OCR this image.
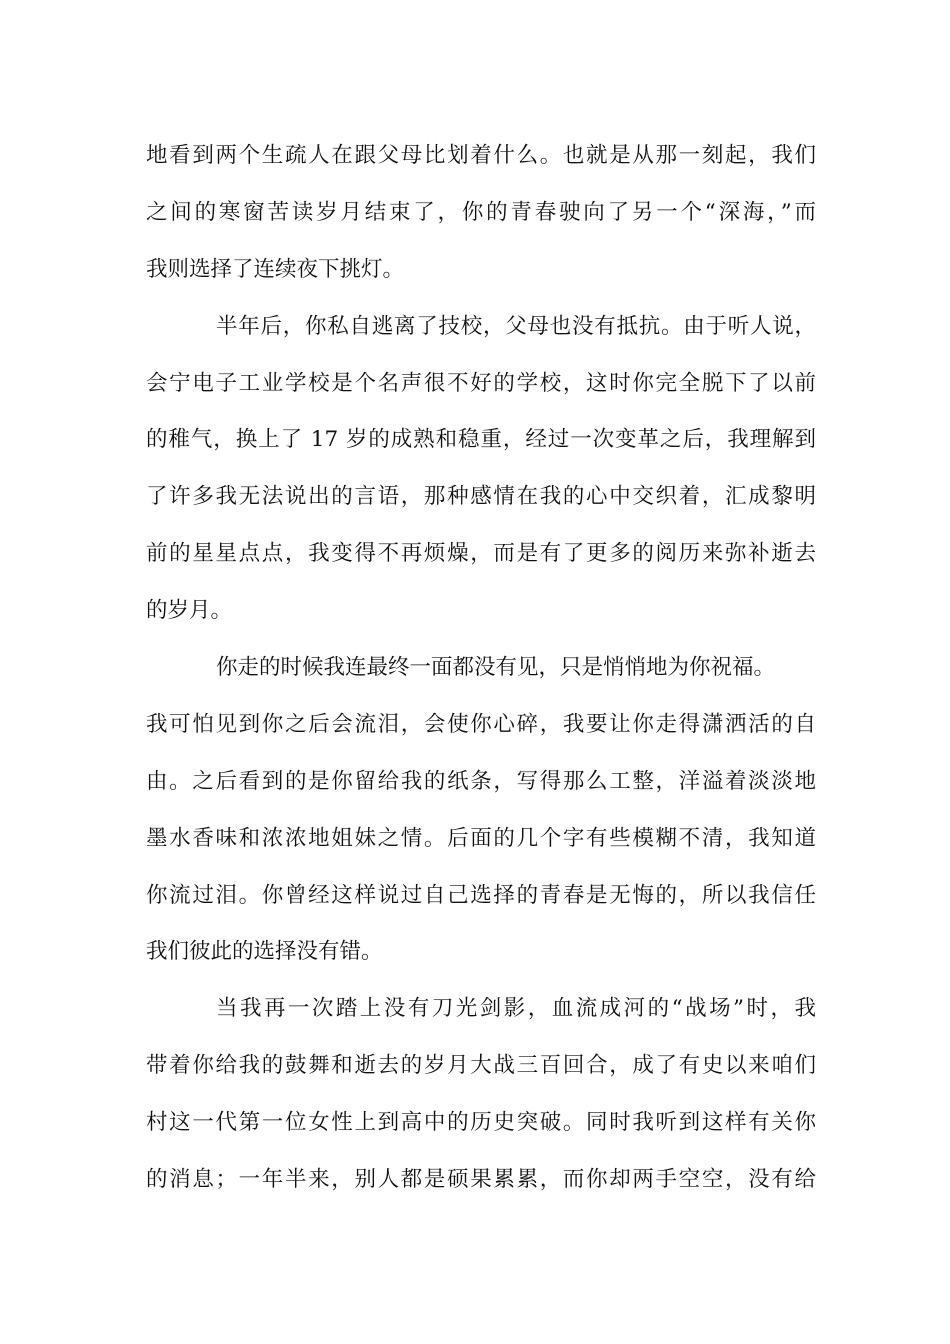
地看到两个生疏人在跟父母比划着什么。也就是从那一刻起，我们
之间的寒窗苦读岁月结束了，你的青春驶向了另一个“深海，”而
我则选择了连续夜下挑灯。
半年后，你私自逃离了技校，父母也没有抵抗。由于听人说，
会宁电子工业学校是个名声很不好的学校，这时你完全脱下了以前
的稚气，换上了 17 岁的成熟和稳重，经过一次变革之后，我理解到
了许多我无法说出的言语，那种感情在我的心中交织着，汇成黎明
前的星星点点，我变得不再烦燥，而是有了更多的阅历来弥补逝去
的岁月。
你走的时候我连最终一面都没有见，只是悄悄地为你祝福。
我可怕见到你之后会流泪，会使你心碎，我要让你走得潇洒活的自
由。之后看到的是你留给我的纸条，写得那么工整，洋溢着淡淡地
墨水香味和浓浓地姐妹之情。后面的几个字有些模糊不清，我知道
你流过泪。你曾经这样说过自己选择的青春是无悔的，所以我信任
我们彼此的选择没有错。
当我再一次踏上没有刀光剑影，血流成河的“战场”时，我
带着你给我的鼓舞和逝去的岁月大战三百回合，成了有史以来咱们
村这一代第一位女性上到高中的历史突破。同时我听到这样有关你
的消息；一年半来，别人都是硕果累累，而你却两手空空，没有给
